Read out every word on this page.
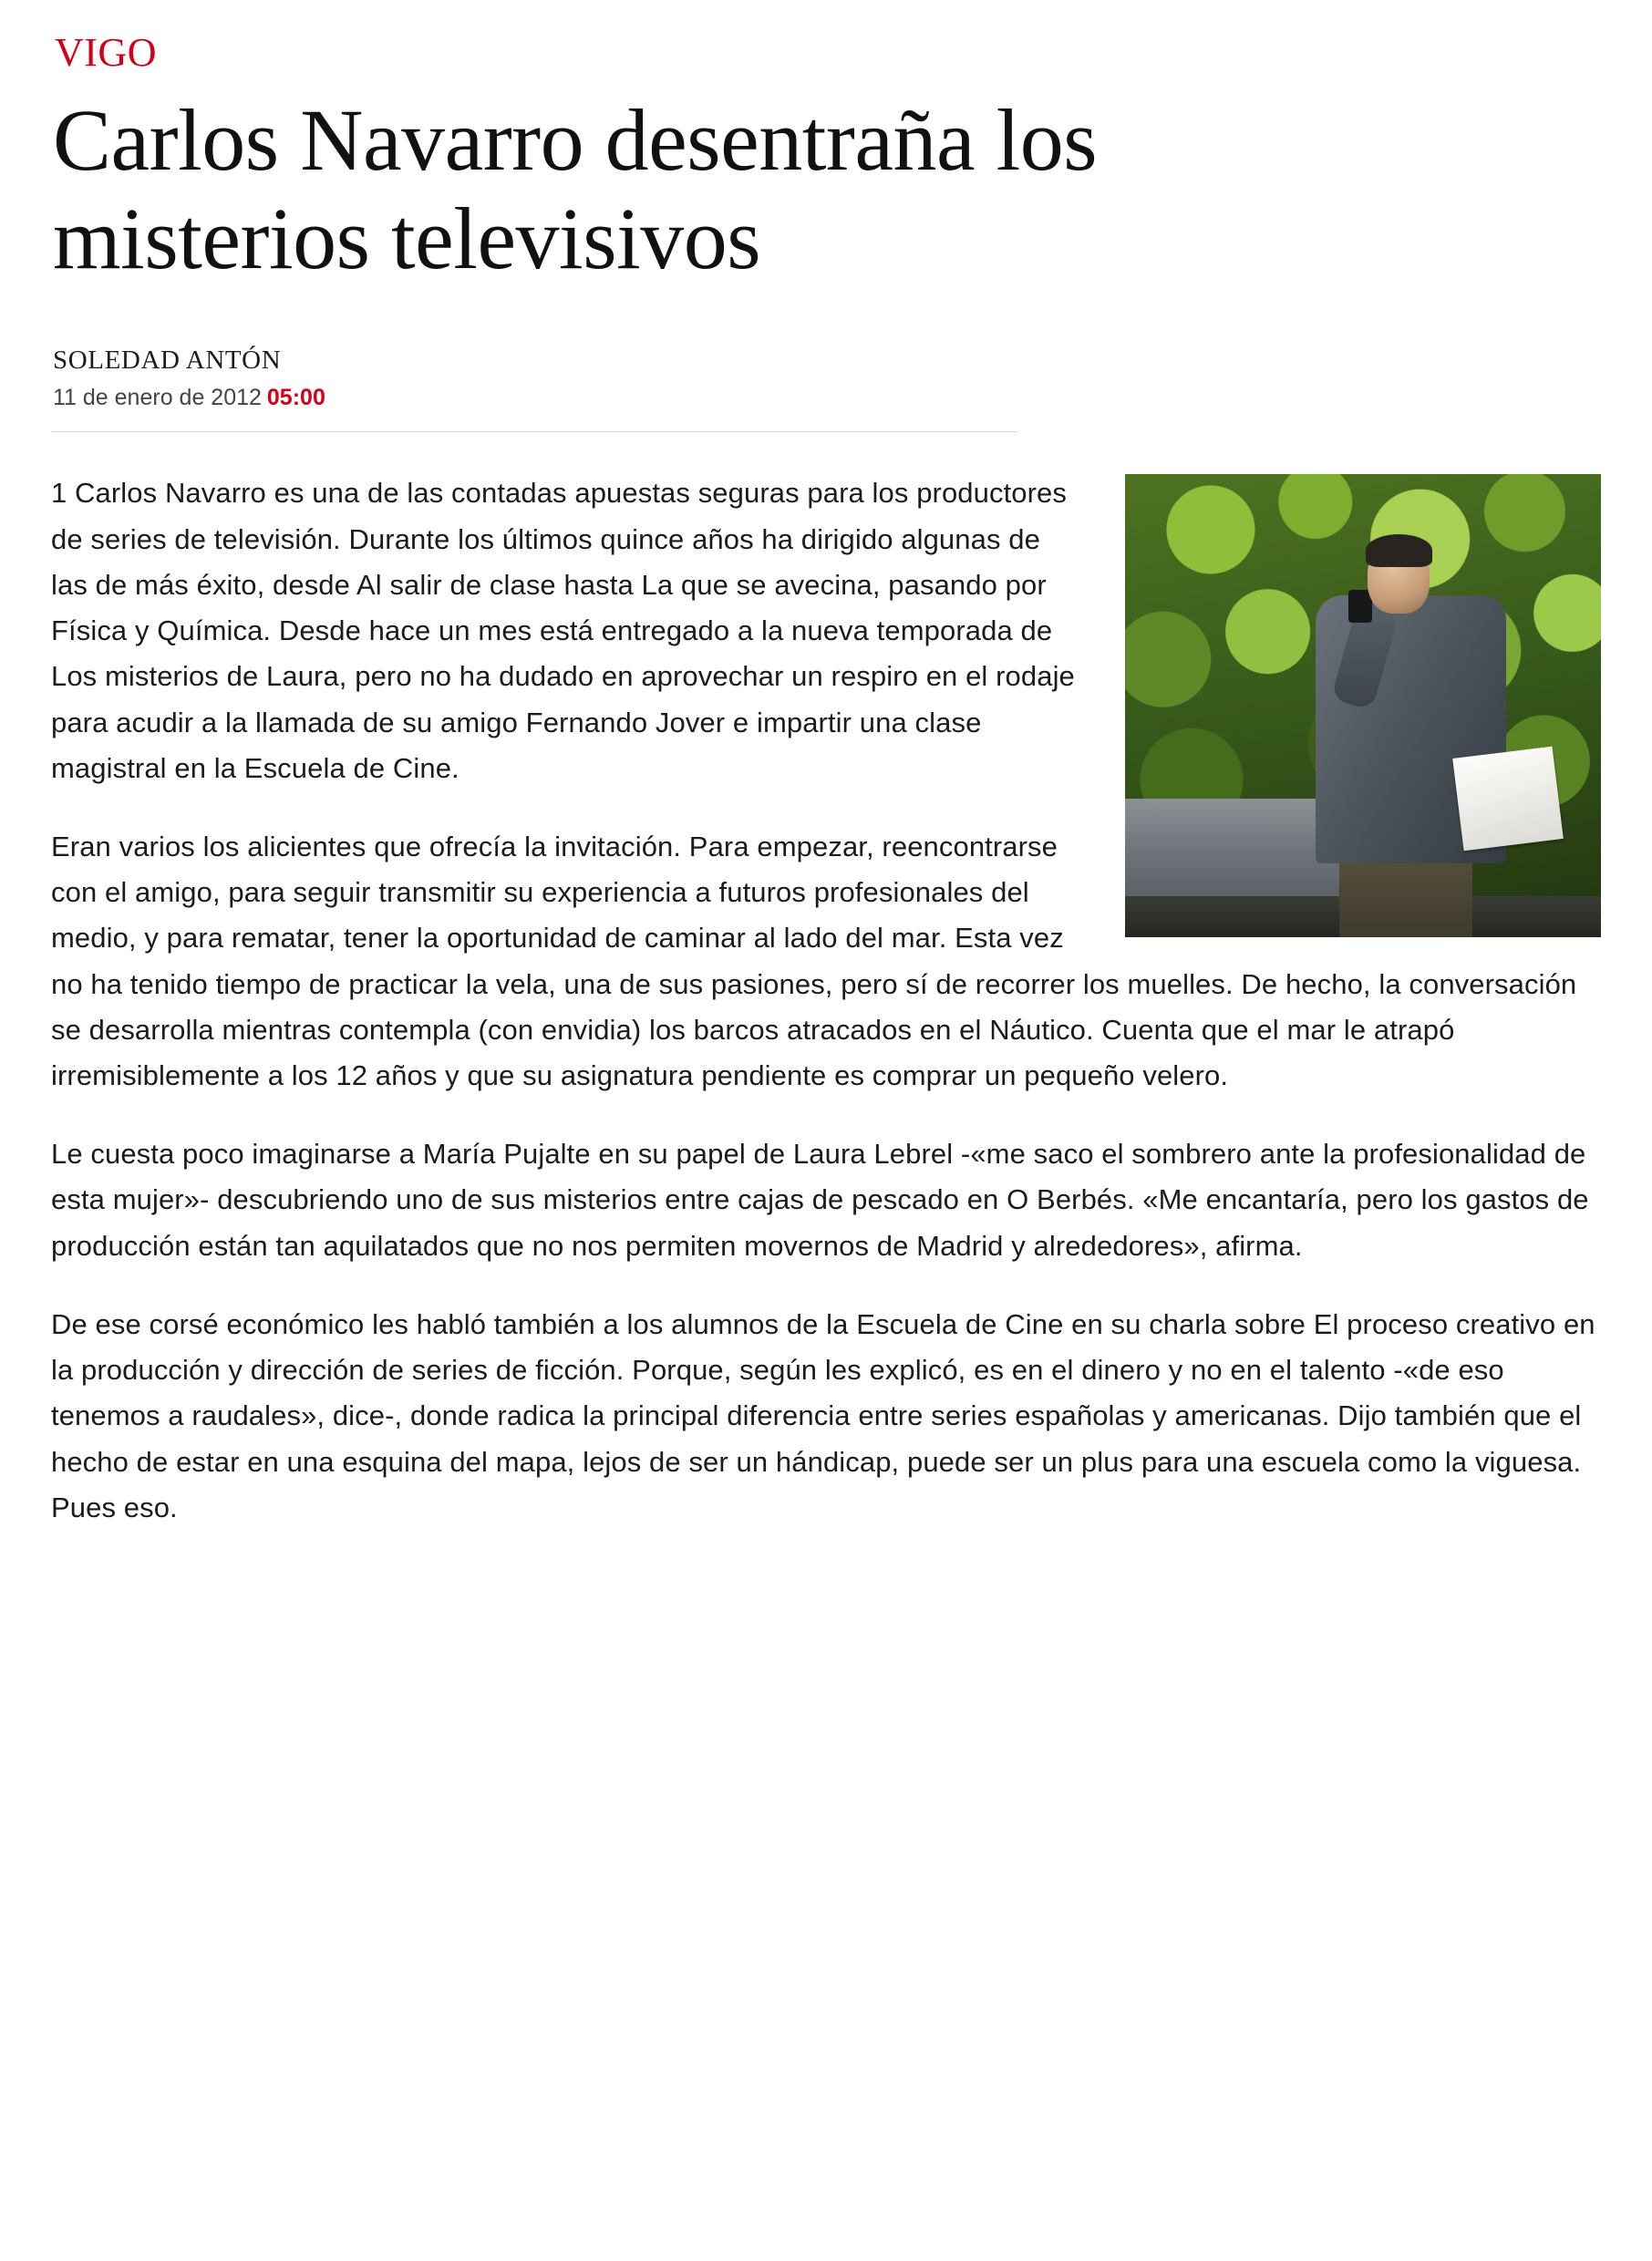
VIGO
Carlos Navarro desentraña los misterios televisivos
SOLEDAD ANTÓN
11 de enero de 2012 05:00

1 Carlos Navarro es una de las contadas apuestas seguras para los productores de series de televisión. Durante los últimos quince años ha dirigido algunas de las de más éxito, desde Al salir de clase hasta La que se avecina, pasando por Física y Química. Desde hace un mes está entregado a la nueva temporada de Los misterios de Laura, pero no ha dudado en aprovechar un respiro en el rodaje para acudir a la llamada de su amigo Fernando Jover e impartir una clase magistral en la Escuela de Cine.

Eran varios los alicientes que ofrecía la invitación. Para empezar, reencontrarse con el amigo, para seguir transmitir su experiencia a futuros profesionales del medio, y para rematar, tener la oportunidad de caminar al lado del mar. Esta vez no ha tenido tiempo de practicar la vela, una de sus pasiones, pero sí de recorrer los muelles. De hecho, la conversación se desarrolla mientras contempla (con envidia) los barcos atracados en el Náutico. Cuenta que el mar le atrapó irremisiblemente a los 12 años y que su asignatura pendiente es comprar un pequeño velero.

Le cuesta poco imaginarse a María Pujalte en su papel de Laura Lebrel -«me saco el sombrero ante la profesionalidad de esta mujer»- descubriendo uno de sus misterios entre cajas de pescado en O Berbés. «Me encantaría, pero los gastos de producción están tan aquilatados que no nos permiten movernos de Madrid y alrededores», afirma.

De ese corsé económico les habló también a los alumnos de la Escuela de Cine en su charla sobre El proceso creativo en la producción y dirección de series de ficción. Porque, según les explicó, es en el dinero y no en el talento -«de eso tenemos a raudales», dice-, donde radica la principal diferencia entre series españolas y americanas. Dijo también que el hecho de estar en una esquina del mapa, lejos de ser un hándicap, puede ser un plus para una escuela como la viguesa. Pues eso.
